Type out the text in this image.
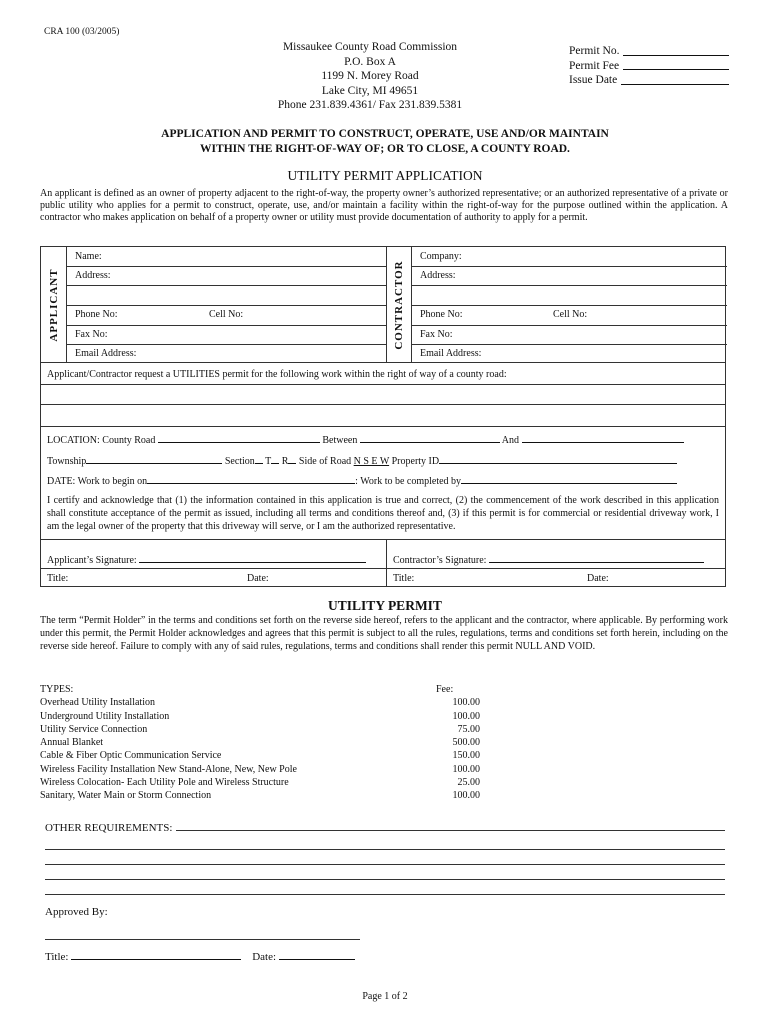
CRA 100 (03/2005)
Missaukee County Road Commission
P.O. Box A
1199 N. Morey Road
Lake City, MI 49651
Phone 231.839.4361/ Fax 231.839.5381
Permit No.
Permit Fee
Issue Date
APPLICATION AND PERMIT TO CONSTRUCT, OPERATE, USE AND/OR MAINTAIN
WITHIN THE RIGHT-OF-WAY OF; OR TO CLOSE, A COUNTY ROAD.
UTILITY PERMIT APPLICATION
An applicant is defined as an owner of property adjacent to the right-of-way, the property owner’s authorized representative; or an authorized representative of a private or public utility who applies for a permit to construct, operate, use, and/or maintain a facility within the right-of-way for the purpose outlined within the application. A contractor who makes application on behalf of a property owner or utility must provide documentation of authority to apply for a permit.
APPLICANT	CONTRACTOR
Name:
Address:
Phone No:	Cell No:
Fax No:
Email Address:
Company:
Address:
Phone No:	Cell No:
Fax No:
Email Address:
Applicant/Contractor request a UTILITIES permit for the following work within the right of way of a county road:
LOCATION: County Road	Between	And
Township	Section T R Side of Road N S E W Property ID
DATE: Work to begin on	: Work to be completed by
I certify and acknowledge that (1) the information contained in this application is true and correct, (2) the commencement of the work described in this application shall constitute acceptance of the permit as issued, including all terms and conditions thereof and, (3) if this permit is for commercial or residential driveway work, I am the legal owner of the property that this driveway will serve, or I am the authorized representative.
Applicant’s Signature:	Contractor’s Signature:
Title:	Date:	Title:	Date:
UTILITY PERMIT
The term “Permit Holder” in the terms and conditions set forth on the reverse side hereof, refers to the applicant and the contractor, where applicable. By performing work under this permit, the Permit Holder acknowledges and agrees that this permit is subject to all the rules, regulations, terms and conditions set forth herein, including on the reverse side hereof. Failure to comply with any of said rules, regulations, terms and conditions shall render this permit NULL AND VOID.
TYPES:	Fee:
Overhead Utility Installation	100.00
Underground Utility Installation	100.00
Utility Service Connection	75.00
Annual Blanket	500.00
Cable & Fiber Optic Communication Service	150.00
Wireless Facility Installation New Stand-Alone, New, New Pole	100.00
Wireless Colocation- Each Utility Pole and Wireless Structure	25.00
Sanitary, Water Main or Storm Connection	100.00
OTHER REQUIREMENTS:
Approved By:
Title:	Date:
Page 1 of 2
